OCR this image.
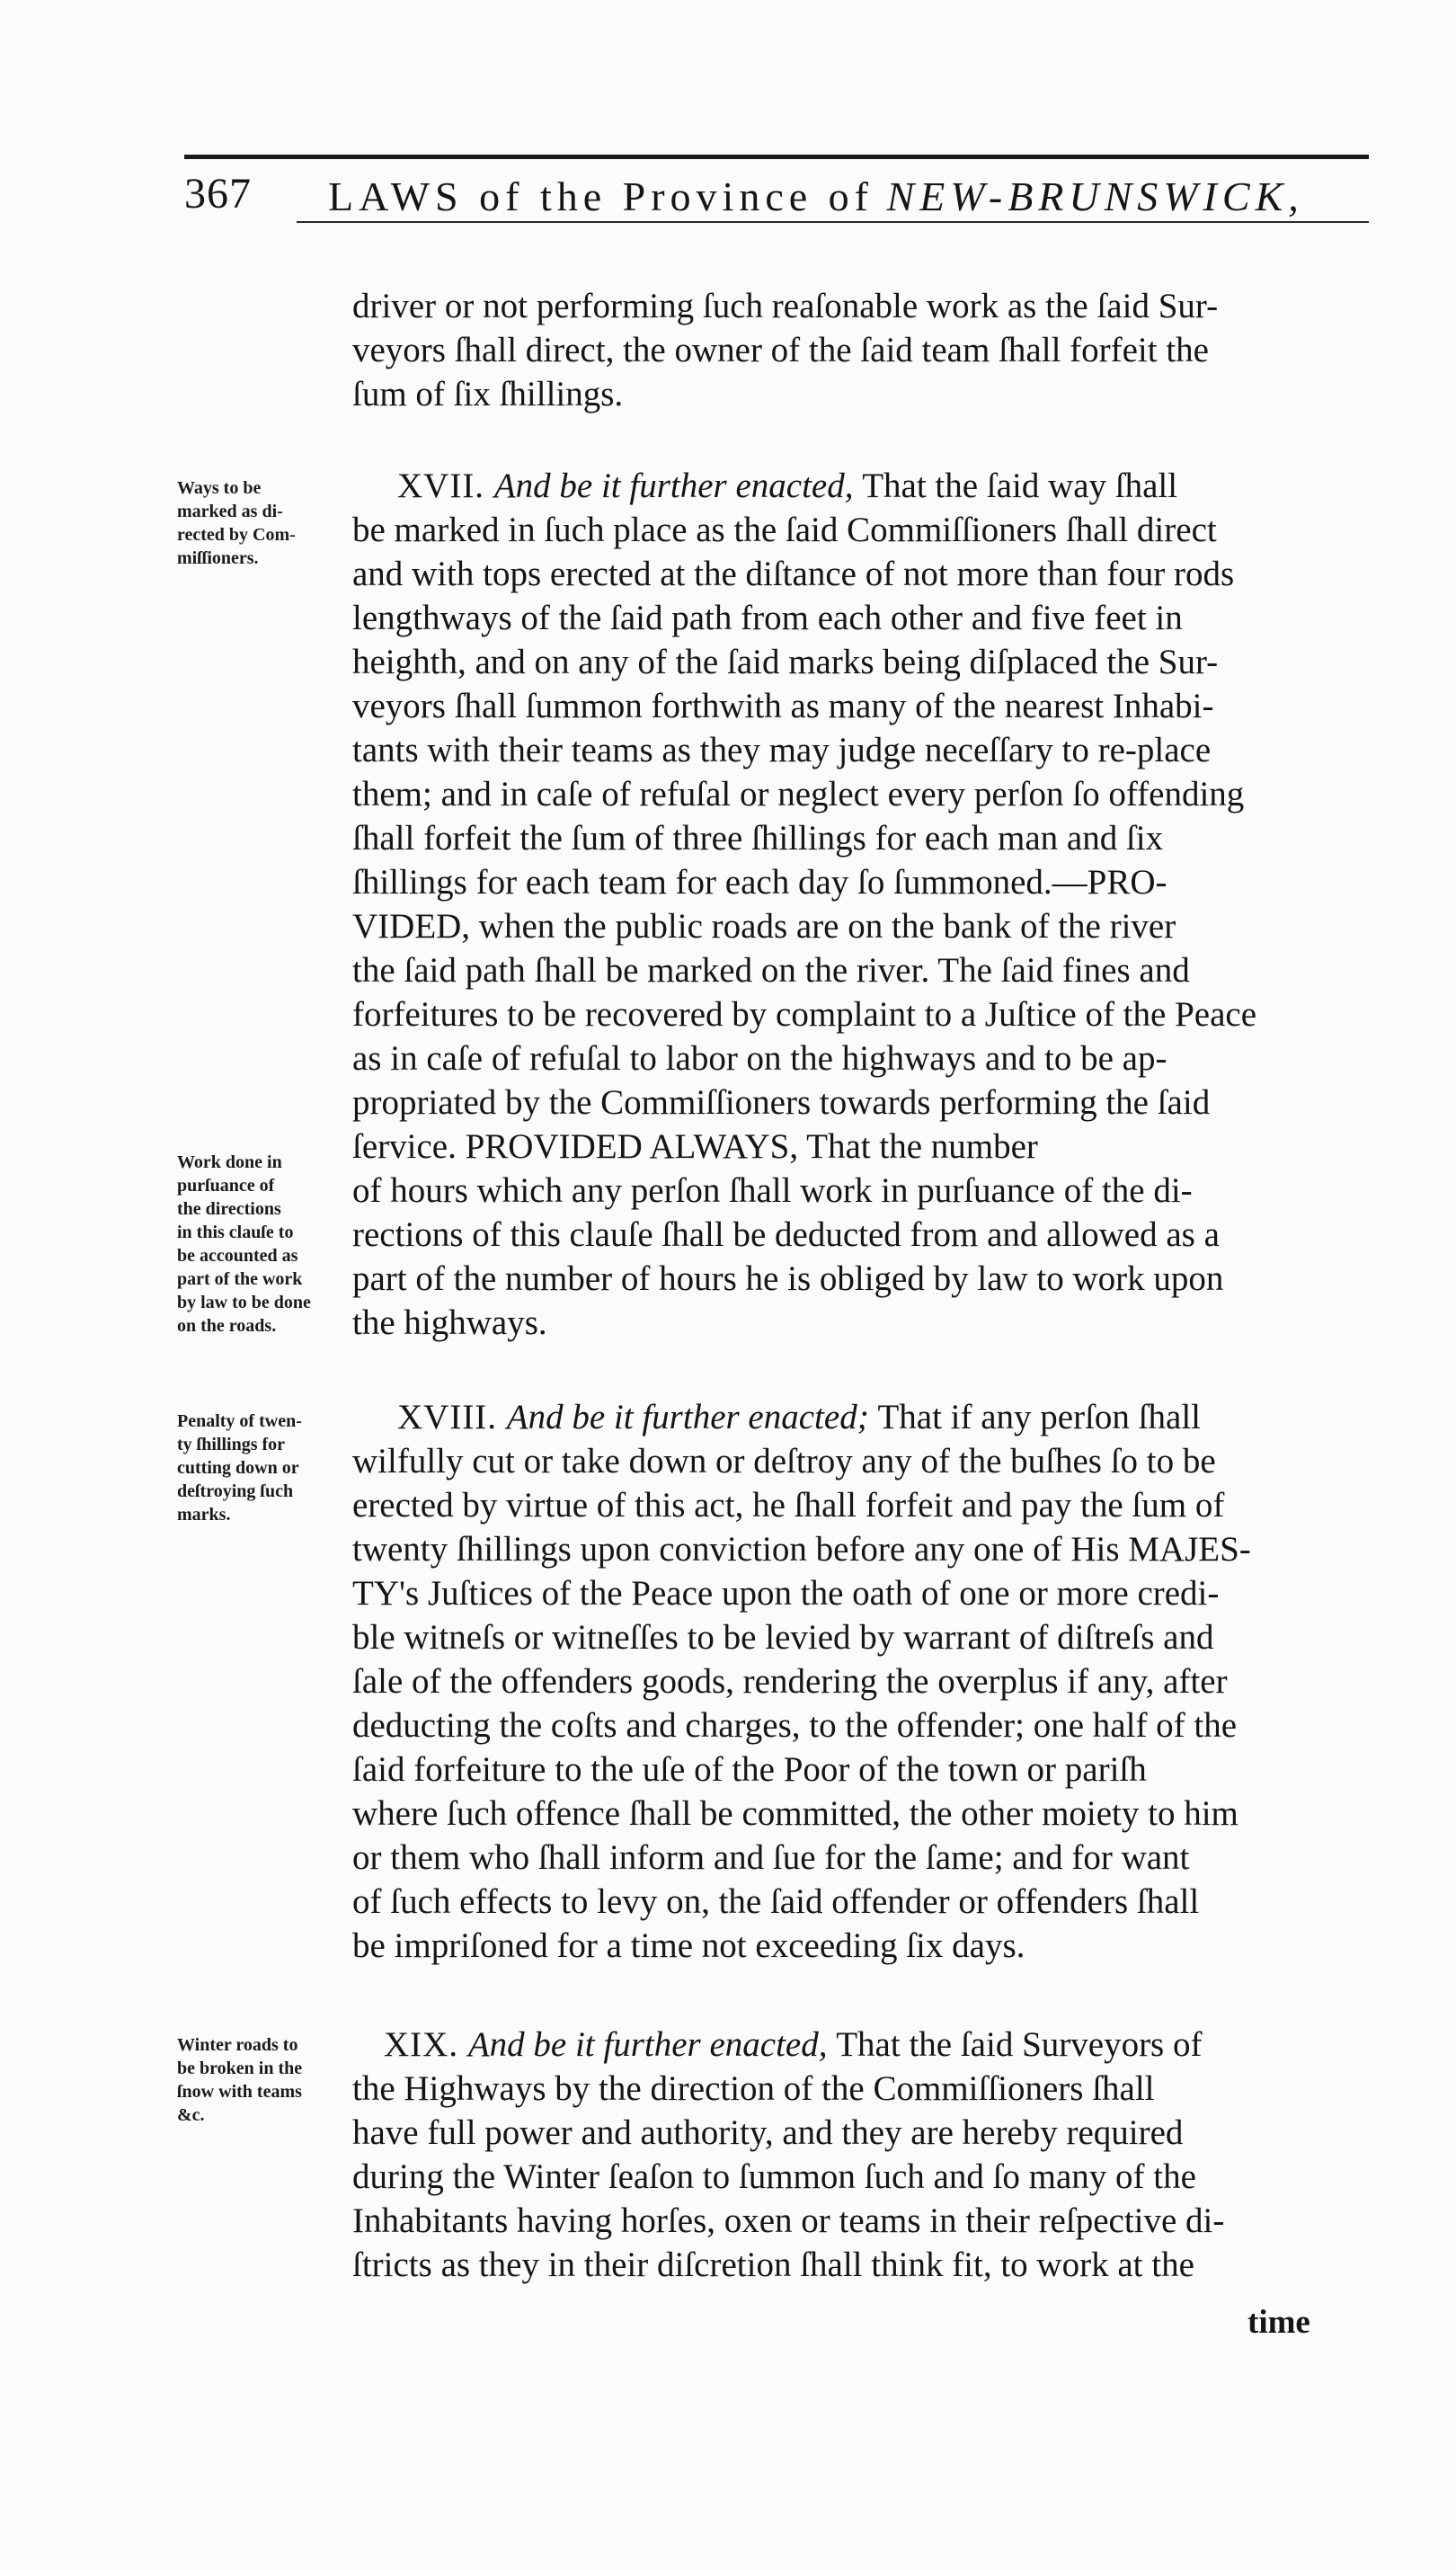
367 LAWS of the Province of NEW-BRUNSWICK,
driver or not performing ſuch reaſonable work as the ſaid Sur-
veyors ſhall direct, the owner of the ſaid team ſhall forfeit the
ſum of ſix ſhillings.
Ways to be
marked as di-
rected by Com-
miſſioners.
XVII. And be it further enacted, That the ſaid way ſhall
be marked in ſuch place as the ſaid Commiſſioners ſhall direct
and with tops erected at the diſtance of not more than four rods
lengthways of the ſaid path from each other and five feet in
heighth, and on any of the ſaid marks being diſplaced the Sur-
veyors ſhall ſummon forthwith as many of the nearest Inhabi-
tants with their teams as they may judge neceſſary to re-place
them; and in caſe of refuſal or neglect every perſon ſo offending
ſhall forfeit the ſum of three ſhillings for each man and ſix
ſhillings for each team for each day ſo ſummoned.—PRO-
VIDED, when the public roads are on the bank of the river
the ſaid path ſhall be marked on the river. The ſaid fines and
forfeitures to be recovered by complaint to a Juſtice of the Peace
as in caſe of refuſal to labor on the highways and to be ap-
propriated by the Commiſſioners towards performing the ſaid
ſervice. PROVIDED ALWAYS, That the number
of hours which any perſon ſhall work in purſuance of the di-
rections of this clauſe ſhall be deducted from and allowed as a
part of the number of hours he is obliged by law to work upon
the highways.
Work done in
purſuance of
the directions
in this clauſe to
be accounted as
part of the work
by law to be done
on the roads.
Penalty of twen-
ty ſhillings for
cutting down or
deſtroying ſuch
marks.
XVIII. And be it further enacted; That if any perſon ſhall
wilfully cut or take down or deſtroy any of the buſhes ſo to be
erected by virtue of this act, he ſhall forfeit and pay the ſum of
twenty ſhillings upon conviction before any one of His MAJES-
TY's Juſtices of the Peace upon the oath of one or more credi-
ble witneſs or witneſſes to be levied by warrant of diſtreſs and
ſale of the offenders goods, rendering the overplus if any, after
deducting the coſts and charges, to the offender; one half of the
ſaid forfeiture to the uſe of the Poor of the town or pariſh
where ſuch offence ſhall be committed, the other moiety to him
or them who ſhall inform and ſue for the ſame; and for want
of ſuch effects to levy on, the ſaid offender or offenders ſhall
be impriſoned for a time not exceeding ſix days.
Winter roads to
be broken in the
ſnow with teams
&c.
XIX. And be it further enacted, That the ſaid Surveyors of
the Highways by the direction of the Commiſſioners ſhall
have full power and authority, and they are hereby required
during the Winter ſeaſon to ſummon ſuch and ſo many of the
Inhabitants having horſes, oxen or teams in their reſpective di-
ſtricts as they in their diſcretion ſhall think fit, to work at the
time
